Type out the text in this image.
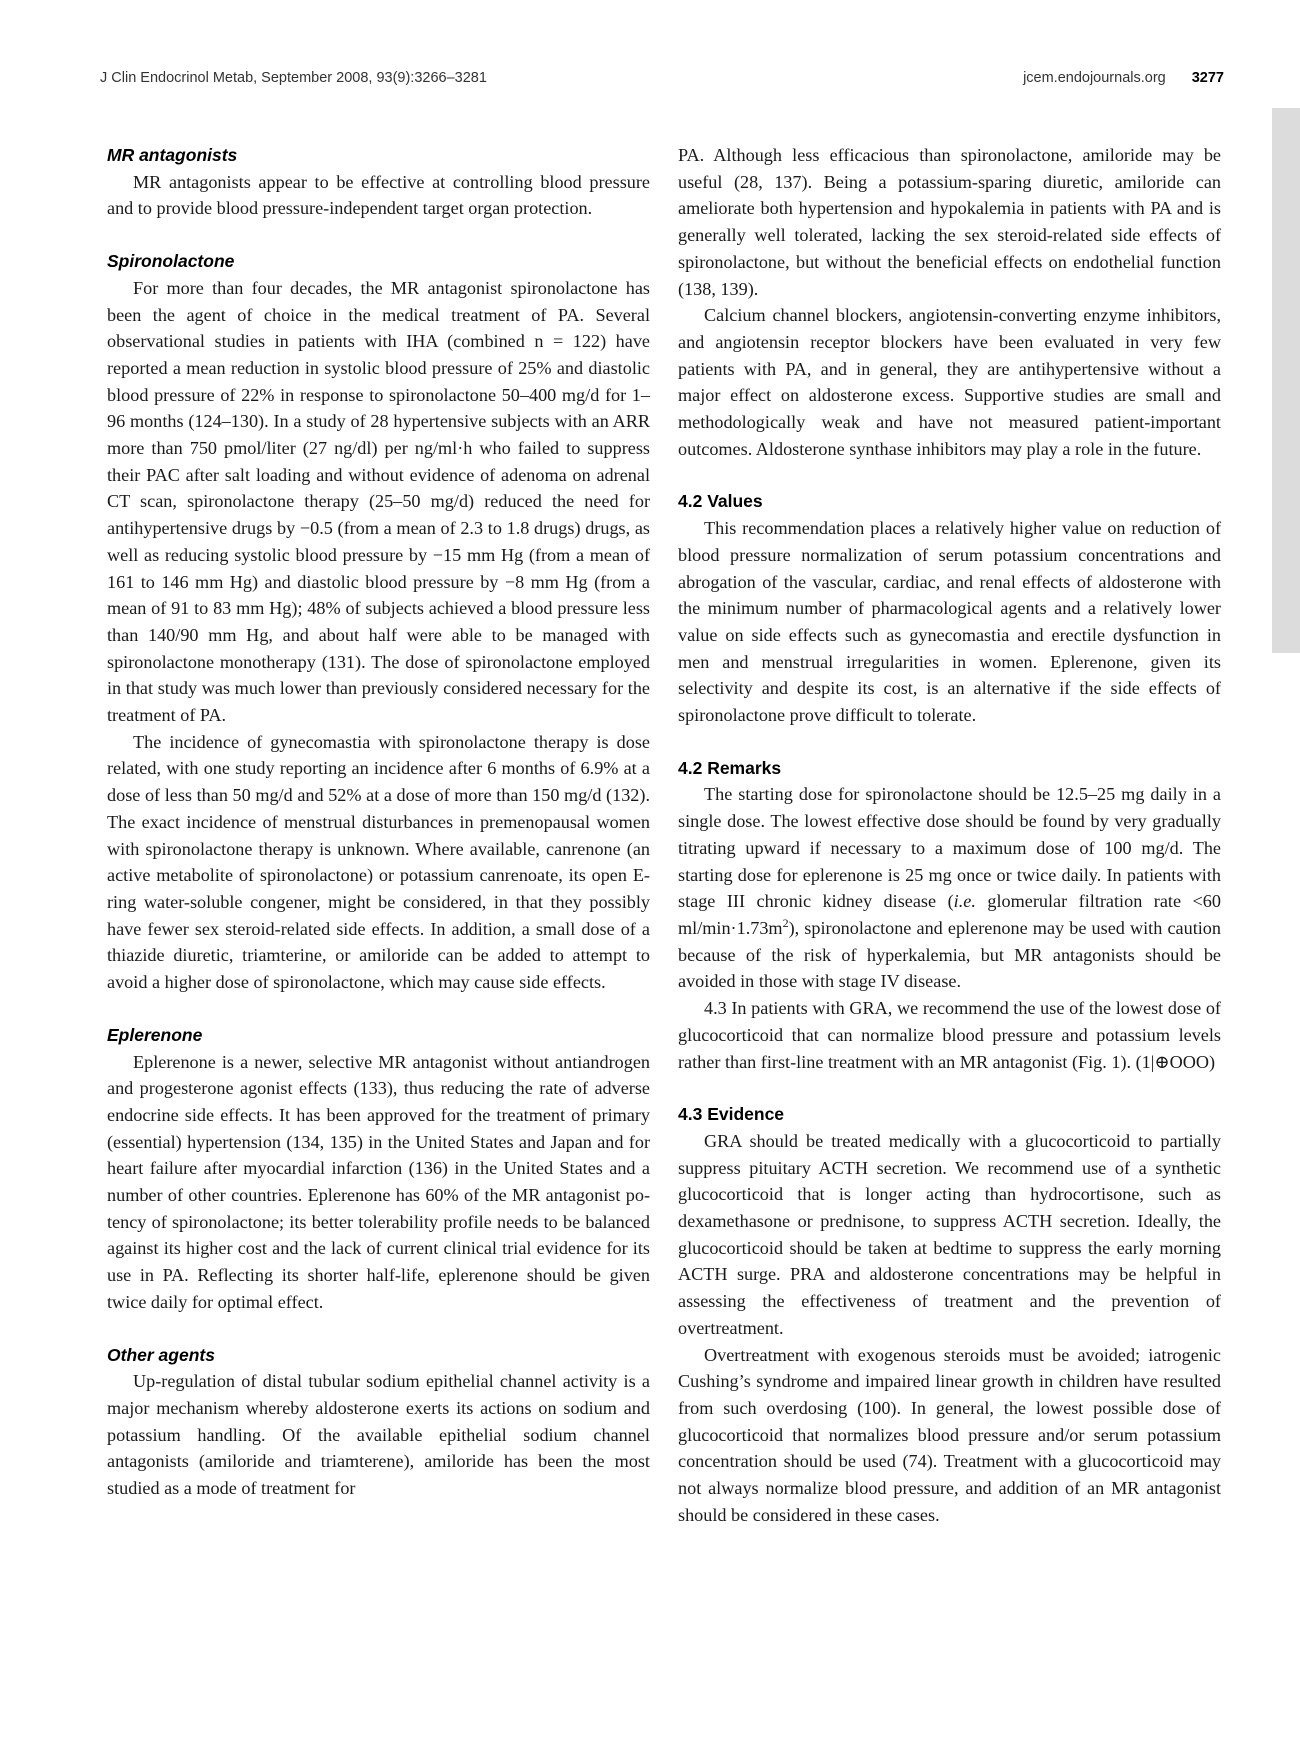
J Clin Endocrinol Metab, September 2008, 93(9):3266–3281	jcem.endojournals.org 3277
MR antagonists

MR antagonists appear to be effective at controlling blood pressure and to provide blood pressure-independent target organ protection.

Spironolactone

For more than four decades, the MR antagonist spironolactone has been the agent of choice in the medical treatment of PA. Several observational studies in patients with IHA (combined n = 122) have reported a mean reduction in systolic blood pressure of 25% and diastolic blood pressure of 22% in response to spironolactone 50–400 mg/d for 1–96 months (124–130). In a study of 28 hypertensive subjects with an ARR more than 750 pmol/liter (27 ng/dl) per ng/ml·h who failed to suppress their PAC after salt loading and without evidence of adenoma on adrenal CT scan, spironolactone therapy (25–50 mg/d) reduced the need for antihypertensive drugs by −0.5 (from a mean of 2.3 to 1.8 drugs) drugs, as well as reducing systolic blood pressure by −15 mm Hg (from a mean of 161 to 146 mm Hg) and diastolic blood pressure by −8 mm Hg (from a mean of 91 to 83 mm Hg); 48% of subjects achieved a blood pressure less than 140/90 mm Hg, and about half were able to be managed with spironolactone monotherapy (131). The dose of spironolactone employed in that study was much lower than previously considered necessary for the treatment of PA.

The incidence of gynecomastia with spironolactone therapy is dose related, with one study reporting an incidence after 6 months of 6.9% at a dose of less than 50 mg/d and 52% at a dose of more than 150 mg/d (132). The exact incidence of menstrual disturbances in premenopausal women with spironolactone therapy is unknown. Where available, canrenone (an active metabolite of spironolactone) or potassium canrenoate, its open E-ring water-soluble congener, might be considered, in that they possibly have fewer sex steroid-related side effects. In addition, a small dose of a thiazide diuretic, triamterine, or amiloride can be added to attempt to avoid a higher dose of spironolactone, which may cause side effects.

Eplerenone

Eplerenone is a newer, selective MR antagonist without antiandrogen and progesterone agonist effects (133), thus reducing the rate of adverse endocrine side effects. It has been approved for the treatment of primary (essential) hypertension (134, 135) in the United States and Japan and for heart failure after myocardial infarction (136) in the United States and a number of other countries. Eplerenone has 60% of the MR antagonist potency of spironolactone; its better tolerability profile needs to be balanced against its higher cost and the lack of current clinical trial evidence for its use in PA. Reflecting its shorter half-life, eplerenone should be given twice daily for optimal effect.

Other agents

Up-regulation of distal tubular sodium epithelial channel activity is a major mechanism whereby aldosterone exerts its actions on sodium and potassium handling. Of the available epithelial sodium channel antagonists (amiloride and triamterene), amiloride has been the most studied as a mode of treatment for

PA. Although less efficacious than spironolactone, amiloride may be useful (28, 137). Being a potassium-sparing diuretic, amiloride can ameliorate both hypertension and hypokalemia in patients with PA and is generally well tolerated, lacking the sex steroid-related side effects of spironolactone, but without the beneficial effects on endothelial function (138, 139).

Calcium channel blockers, angiotensin-converting enzyme inhibitors, and angiotensin receptor blockers have been evaluated in very few patients with PA, and in general, they are antihypertensive without a major effect on aldosterone excess. Supportive studies are small and methodologically weak and have not measured patient-important outcomes. Aldosterone synthase inhibitors may play a role in the future.

4.2 Values

This recommendation places a relatively higher value on reduction of blood pressure normalization of serum potassium concentrations and abrogation of the vascular, cardiac, and renal effects of aldosterone with the minimum number of pharmacological agents and a relatively lower value on side effects such as gynecomastia and erectile dysfunction in men and menstrual irregularities in women. Eplerenone, given its selectivity and despite its cost, is an alternative if the side effects of spironolactone prove difficult to tolerate.

4.2 Remarks

The starting dose for spironolactone should be 12.5–25 mg daily in a single dose. The lowest effective dose should be found by very gradually titrating upward if necessary to a maximum dose of 100 mg/d. The starting dose for eplerenone is 25 mg once or twice daily. In patients with stage III chronic kidney disease (i.e. glomerular filtration rate <60 $ml/\min\cdot 1.73m^2$), spironolactone and eplerenone may be used with caution because of the risk of hyperkalemia, but MR antagonists should be avoided in those with stage IV disease.

4.3 In patients with GRA, we recommend the use of the lowest dose of glucocorticoid that can normalize blood pressure and potassium levels rather than first-line treatment with an MR antagonist (Fig. 1). (1|⊕OOO)

4.3 Evidence

GRA should be treated medically with a glucocorticoid to partially suppress pituitary ACTH secretion. We recommend use of a synthetic glucocorticoid that is longer acting than hydrocortisone, such as dexamethasone or prednisone, to suppress ACTH secretion. Ideally, the glucocorticoid should be taken at bedtime to suppress the early morning ACTH surge. PRA and aldosterone concentrations may be helpful in assessing the effectiveness of treatment and the prevention of overtreatment.

Overtreatment with exogenous steroids must be avoided; iatrogenic Cushing’s syndrome and impaired linear growth in children have resulted from such overdosing (100). In general, the lowest possible dose of glucocorticoid that normalizes blood pressure and/or serum potassium concentration should be used (74). Treatment with a glucocorticoid may not always normalize blood pressure, and addition of an MR antagonist should be considered in these cases.
